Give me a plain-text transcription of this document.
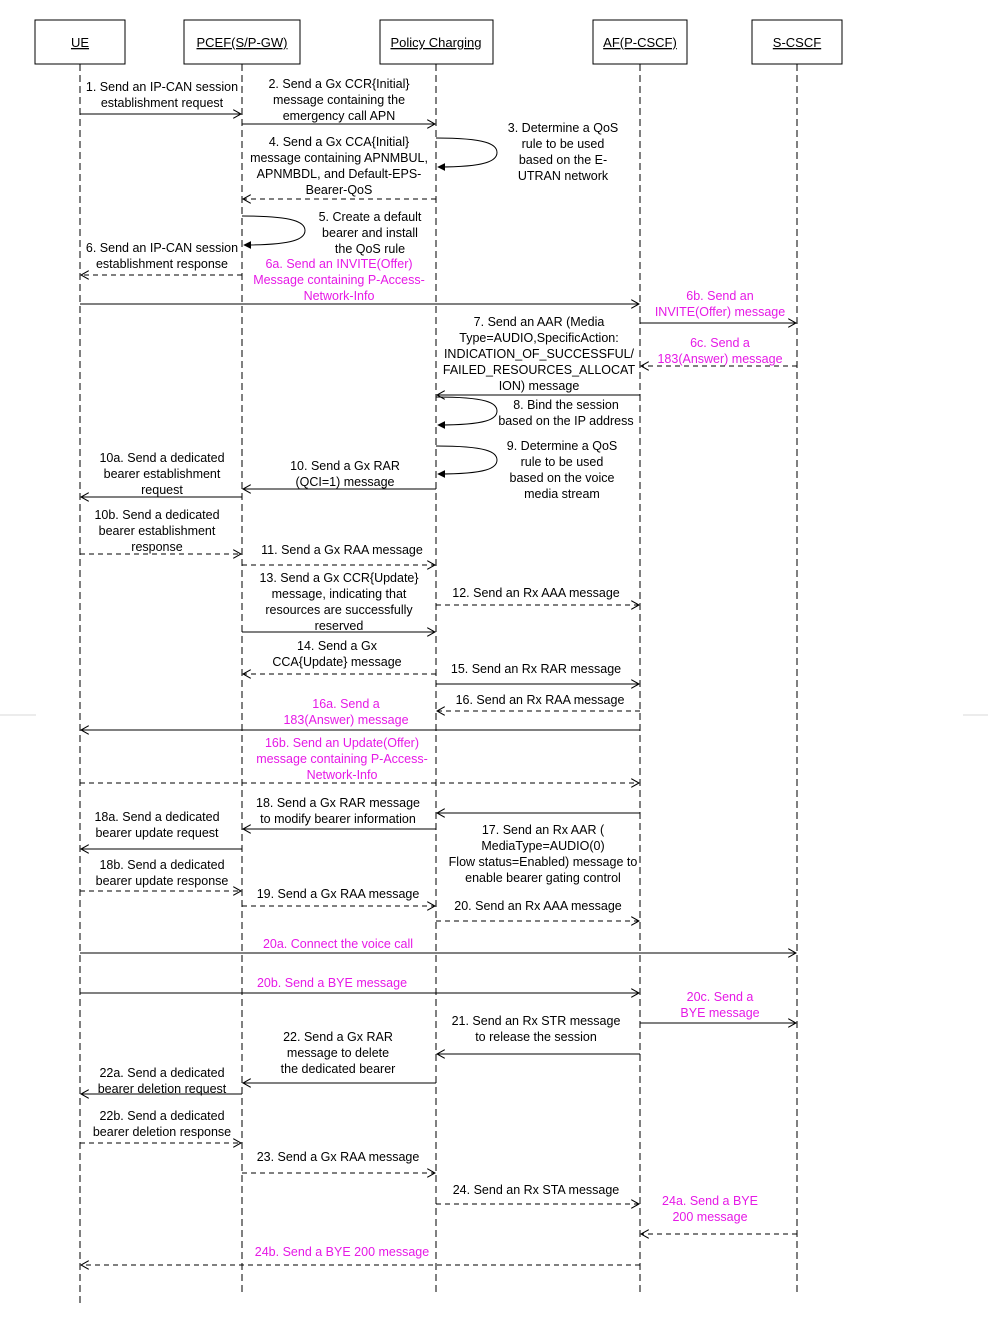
UE	PCEF(S/P-GW)	Policy Charging	AF(P-CSCF)	S-CSCF
1. Send an IP-CAN session establishment request
2. Send a Gx CCR{Initial} message containing the emergency call APN
3. Determine a QoS rule to be used based on the E-UTRAN network
4. Send a Gx CCA{Initial} message containing APNMBUL, APNMBDL, and Default-EPS-Bearer-QoS
5. Create a default bearer and install the QoS rule
6. Send an IP-CAN session establishment response	6a. Send an INVITE(Offer) Message containing P-Access-Network-Info	6b. Send an INVITE(Offer) message
6c. Send a 183(Answer) message
7. Send an AAR (Media Type=AUDIO,SpecificAction: INDICATION_OF_SUCCESSFUL/ FAILED_RESOURCES_ALLOCAT ION) message
8. Bind the session based on the IP address
9. Determine a QoS rule to be used based on the voice media stream
10. Send a Gx RAR (QCI=1) message
10a. Send a dedicated bearer establishment request
10b. Send a dedicated bearer establishment response	11. Send a Gx RAA message
12. Send an Rx AAA message
13. Send a Gx CCR{Update} message, indicating that resources are successfully reserved
14. Send a Gx CCA{Update} message	15. Send an Rx RAR message
16. Send an Rx RAA message
16a. Send a 183(Answer) message
16b. Send an Update(Offer) message containing P-Access-Network-Info
17. Send an Rx AAR ( MediaType=AUDIO(0) Flow status=Enabled) message to enable bearer gating control
18. Send a Gx RAR message to modify bearer information
18a. Send a dedicated bearer update request
18b. Send a dedicated bearer update response
19. Send a Gx RAA message
20. Send an Rx AAA message
20a. Connect the voice call
20b. Send a BYE message
20c. Send a BYE message
21. Send an Rx STR message to release the session
22. Send a Gx RAR message to delete the dedicated bearer
22a. Send a dedicated bearer deletion request
22b. Send a dedicated bearer deletion response
23. Send a Gx RAA message
24. Send an Rx STA message
24a. Send a BYE 200 message
24b. Send a BYE 200 message
